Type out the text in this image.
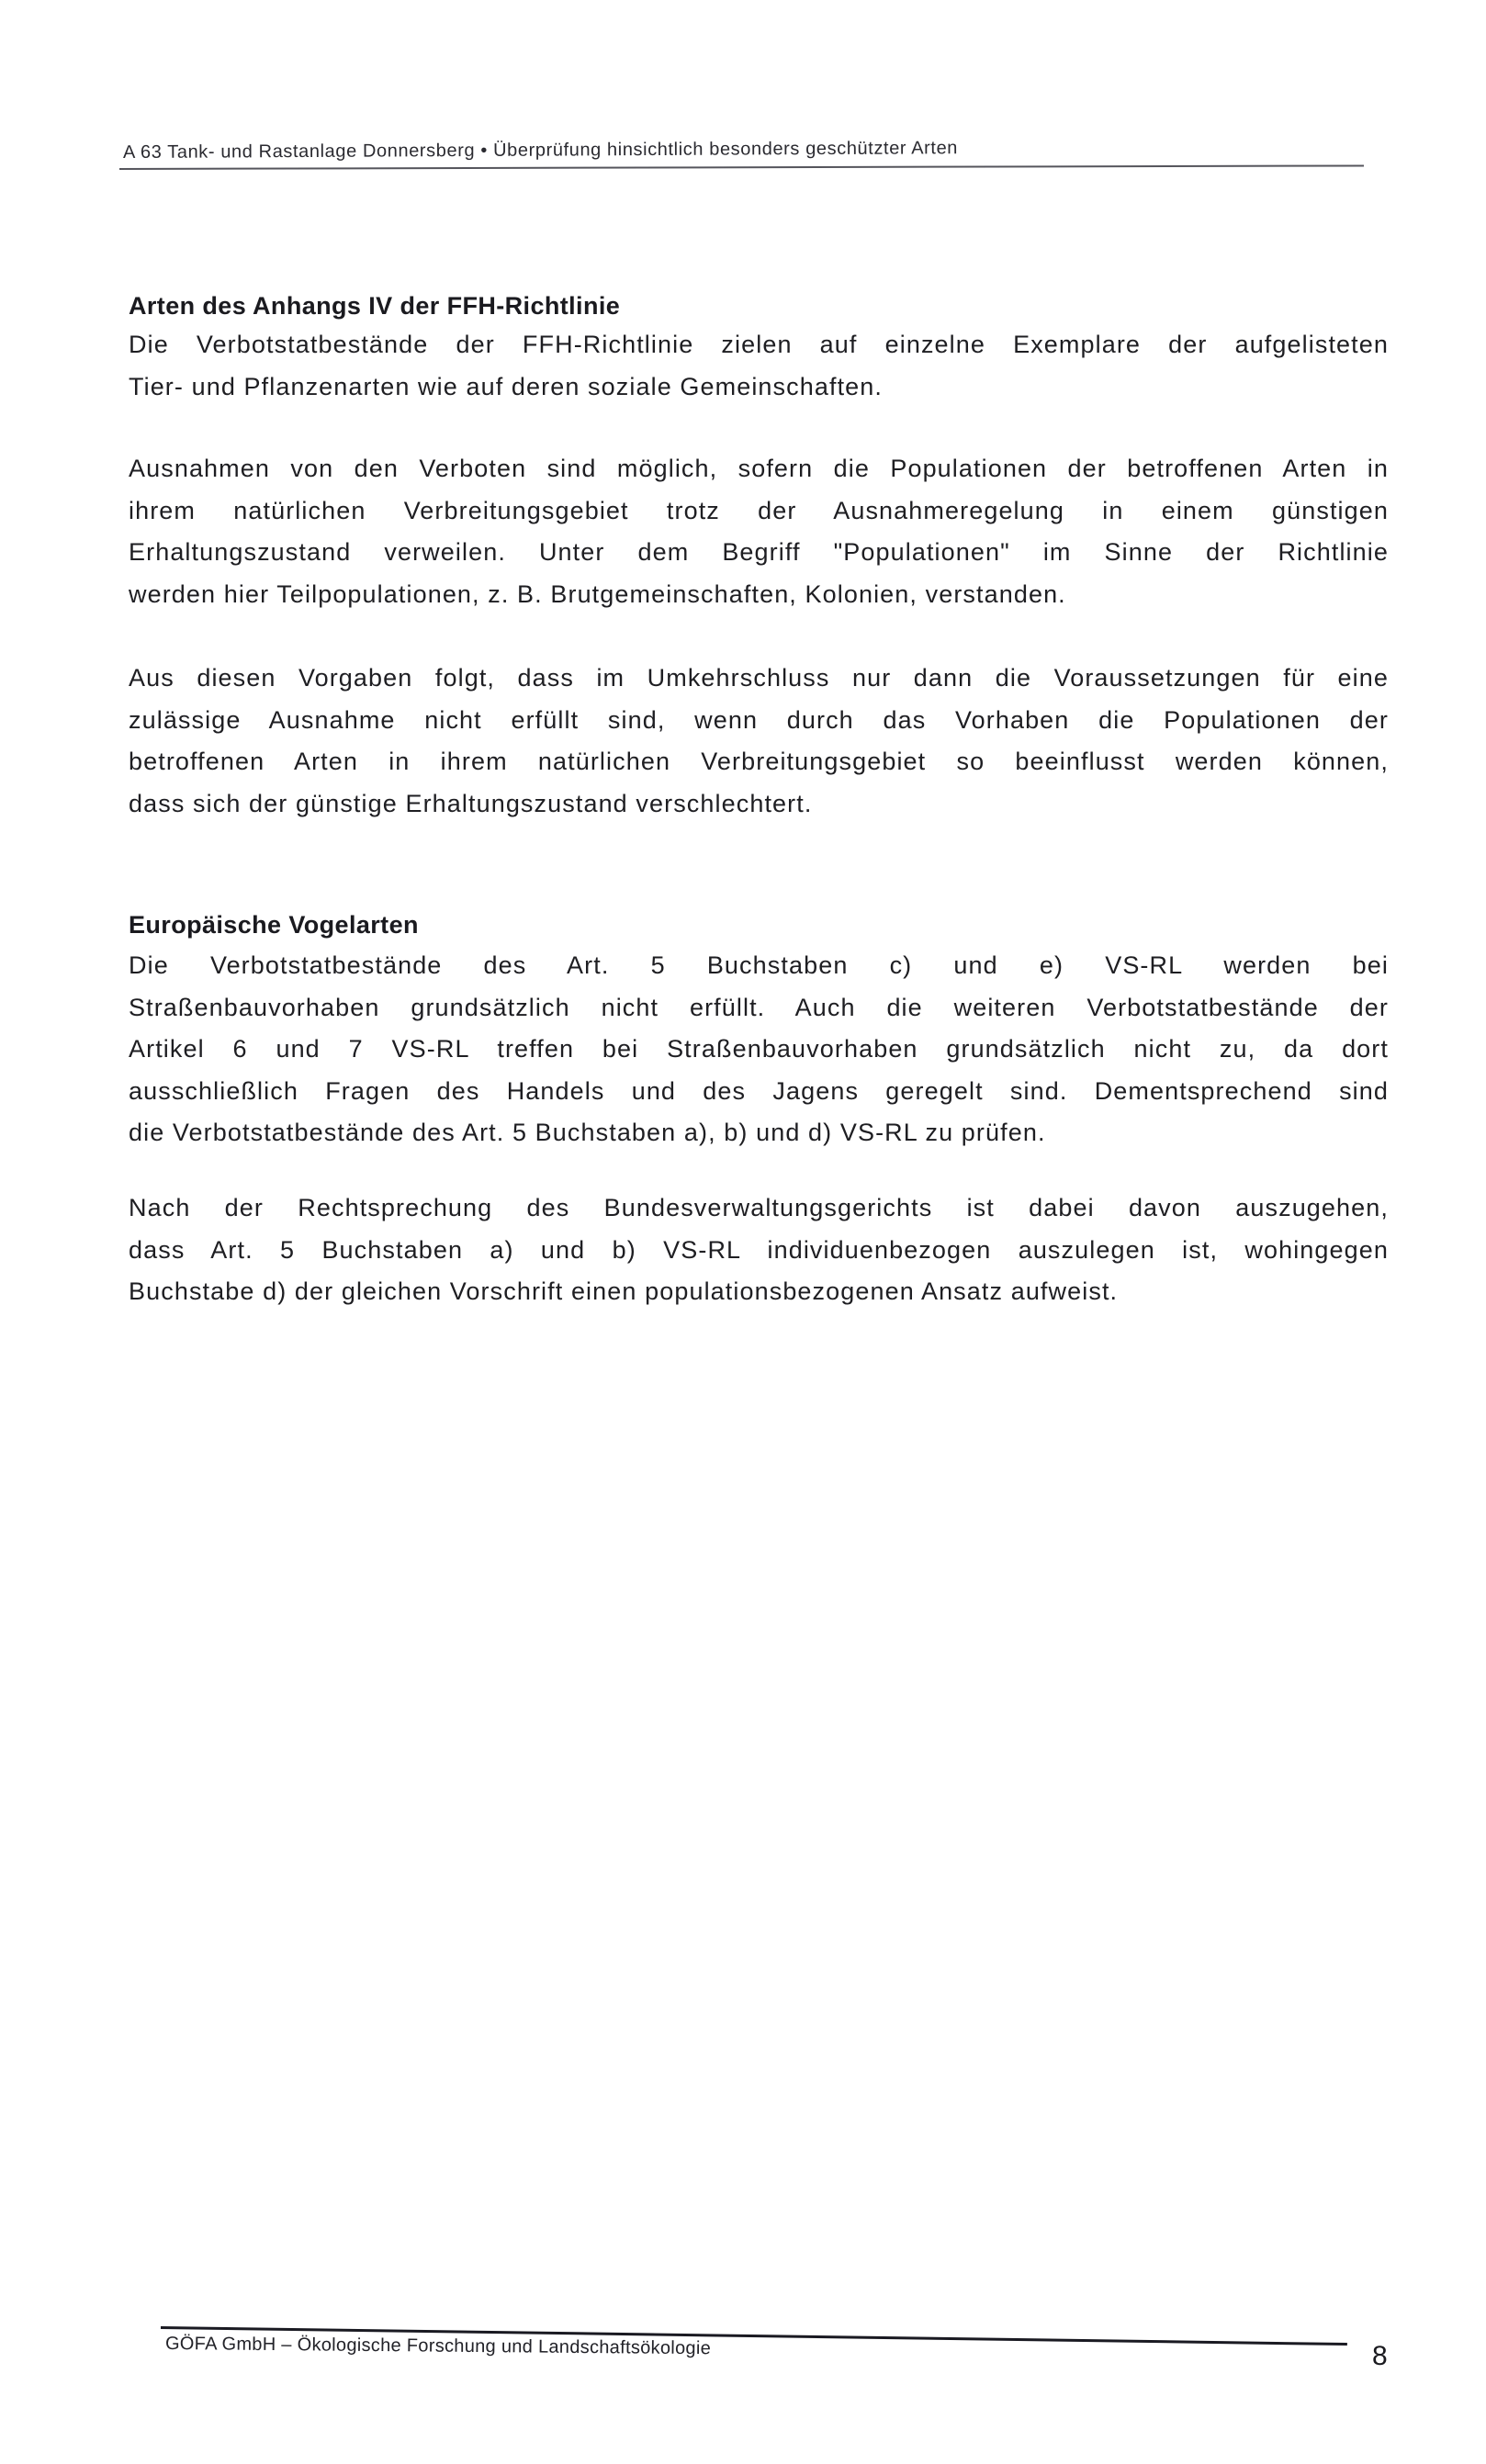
A 63 Tank- und Rastanlage Donnersberg • Überprüfung hinsichtlich besonders geschützter Arten
Arten des Anhangs IV der FFH-Richtlinie
Die Verbotstatbestände der FFH-Richtlinie zielen auf einzelne Exemplare der aufgelisteten
Tier- und Pflanzenarten wie auf deren soziale Gemeinschaften.
Ausnahmen von den Verboten sind möglich, sofern die Populationen der betroffenen Arten in
ihrem natürlichen Verbreitungsgebiet trotz der Ausnahmeregelung in einem günstigen
Erhaltungszustand verweilen. Unter dem Begriff "Populationen" im Sinne der Richtlinie
werden hier Teilpopulationen, z. B. Brutgemeinschaften, Kolonien, verstanden.
Aus diesen Vorgaben folgt, dass im Umkehrschluss nur dann die Voraussetzungen für eine
zulässige Ausnahme nicht erfüllt sind, wenn durch das Vorhaben die Populationen der
betroffenen Arten in ihrem natürlichen Verbreitungsgebiet so beeinflusst werden können,
dass sich der günstige Erhaltungszustand verschlechtert.
Europäische Vogelarten
Die Verbotstatbestände des Art. 5 Buchstaben c) und e) VS-RL werden bei
Straßenbauvorhaben grundsätzlich nicht erfüllt. Auch die weiteren Verbotstatbestände der
Artikel 6 und 7 VS-RL treffen bei Straßenbauvorhaben grundsätzlich nicht zu, da dort
ausschließlich Fragen des Handels und des Jagens geregelt sind. Dementsprechend sind
die Verbotstatbestände des Art. 5 Buchstaben a), b) und d) VS-RL zu prüfen.
Nach der Rechtsprechung des Bundesverwaltungsgerichts ist dabei davon auszugehen,
dass Art. 5 Buchstaben a) und b) VS-RL individuenbezogen auszulegen ist, wohingegen
Buchstabe d) der gleichen Vorschrift einen populationsbezogenen Ansatz aufweist.
GÖFA GmbH – Ökologische Forschung und Landschaftsökologie	8
